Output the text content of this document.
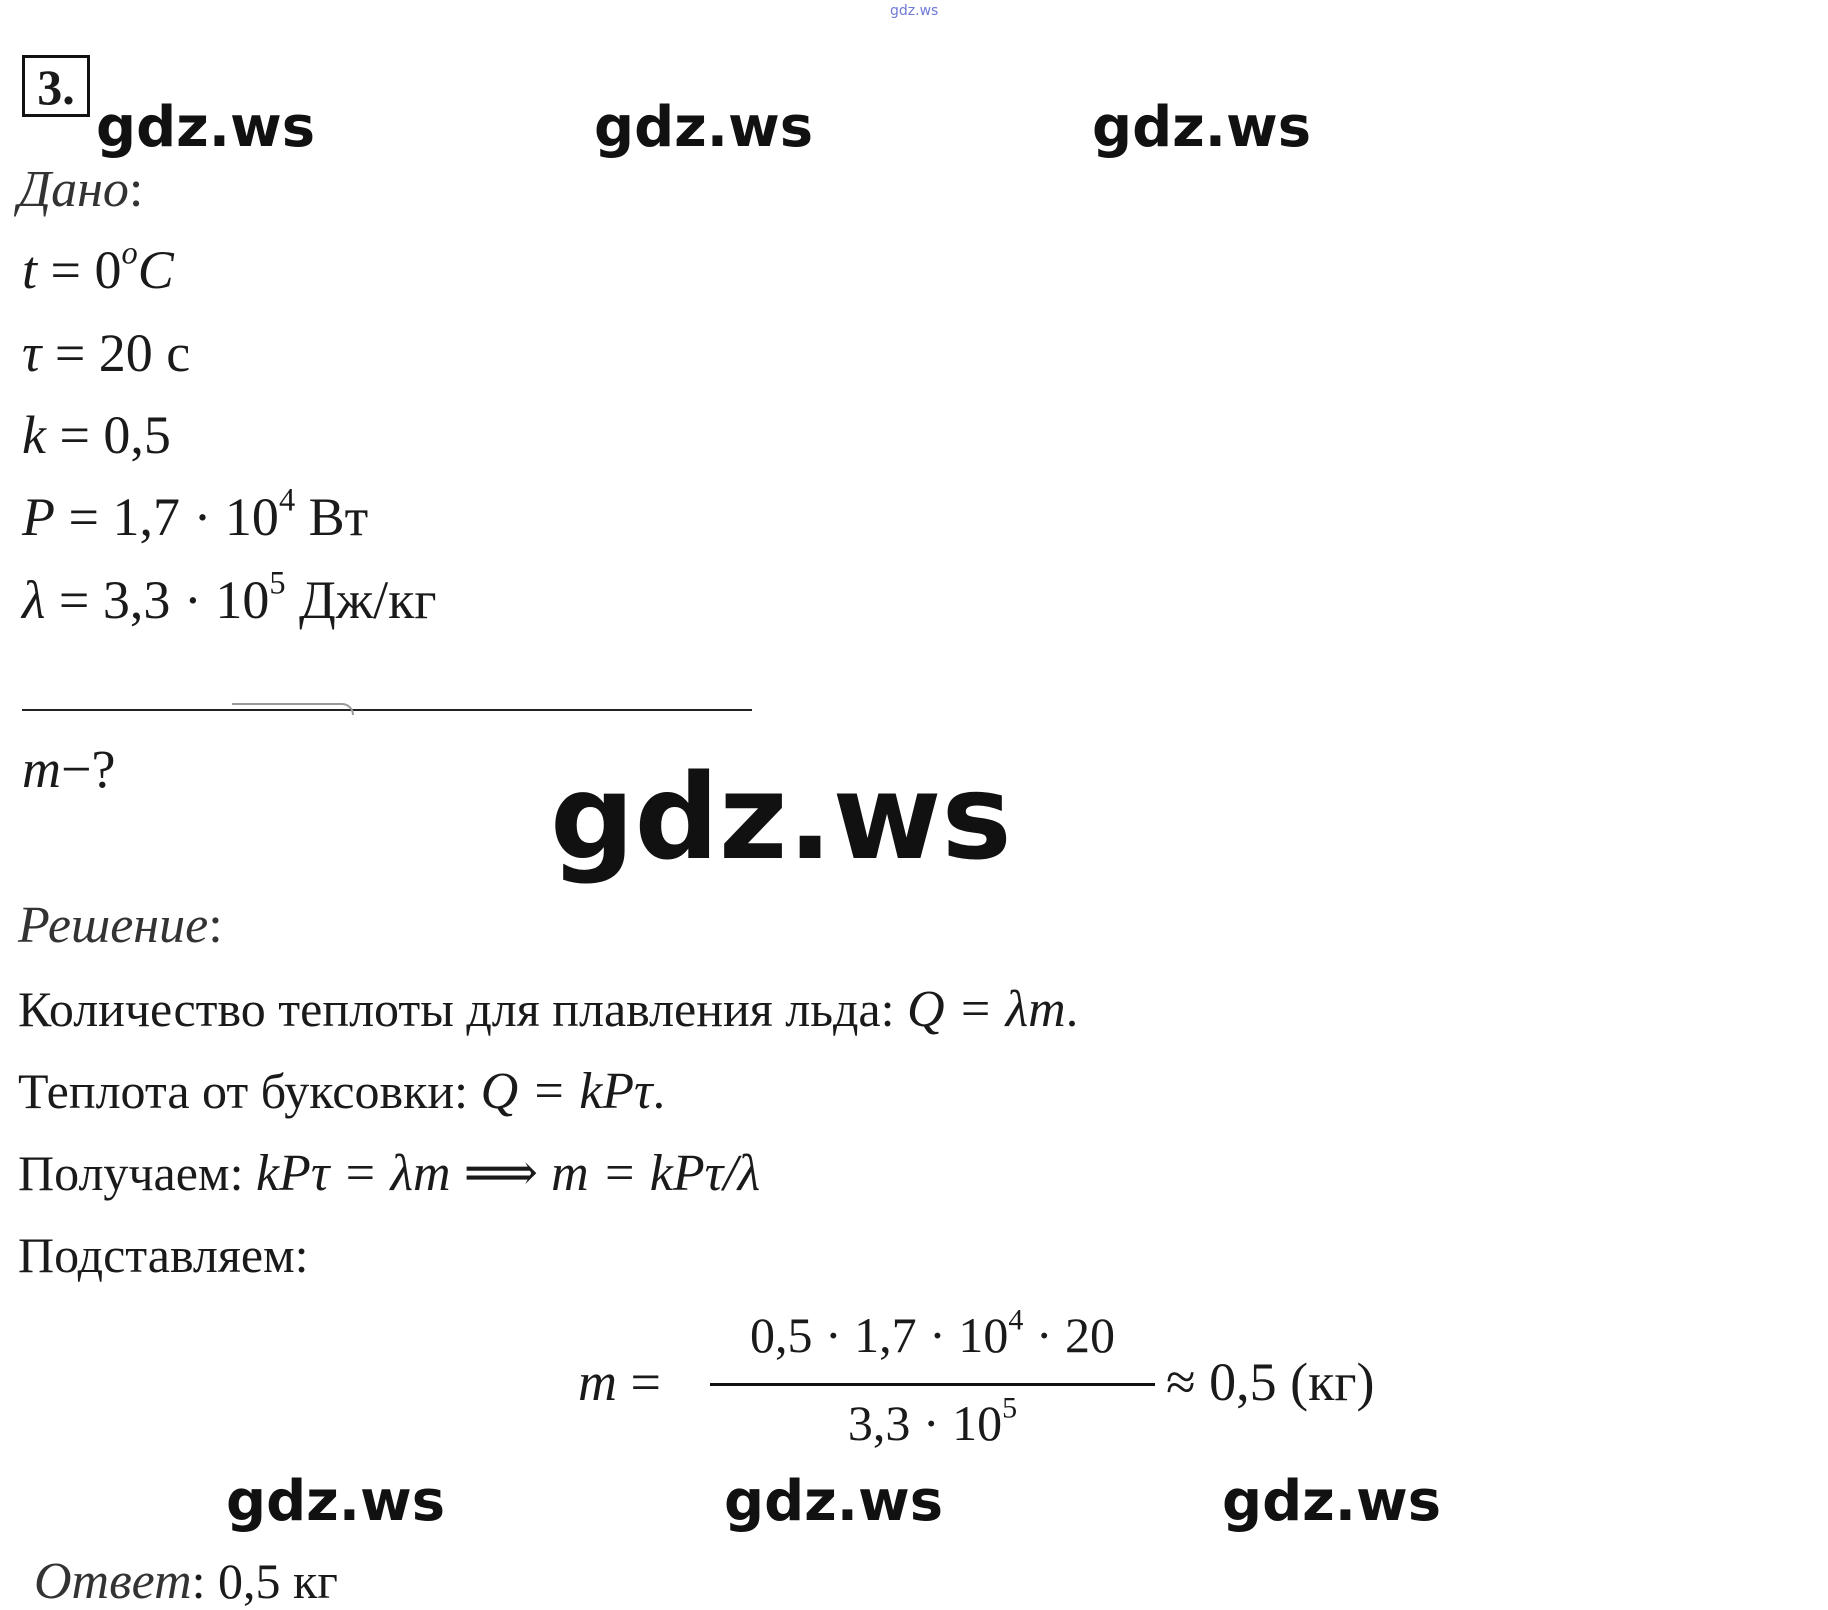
gdz.ws
3.
gdz.ws	gdz.ws	gdz.ws
Дано:
$t = 0^oC$
τ = 20 с
k = 0,5
$P = 1,7 \cdot 10^4$ Вт
$\lambda = 3,3 \cdot 10^5$ Дж/кг
m−?	gdz.ws
Решение:
Количество теплоты для плавления льда: Q = λm.
Теплота от буксовки: Q = kPτ.
Получаем: kPτ = λm ⟹ m = kPτ/λ
Подставляем:
m =
$0,5 \cdot 1,7 \cdot 10^4 \cdot 20$
$3,3 \cdot 10^5$	≈ 0,5 (кг)
gdz.ws	gdz.ws	gdz.ws
Ответ: 0,5 кг
